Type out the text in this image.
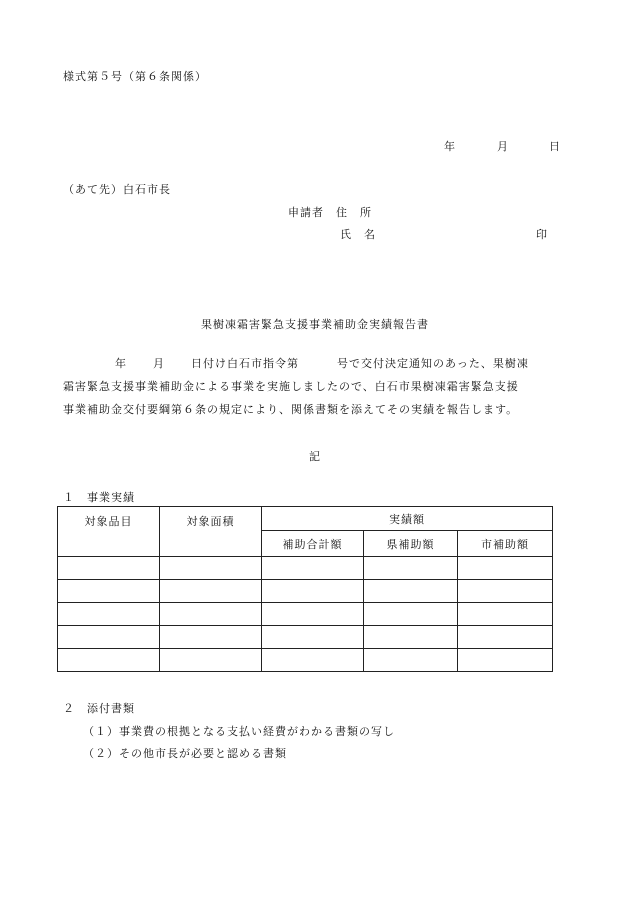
様式第５号（第６条関係）
年	月	日
（あて先）白石市長
申請者 住　所
氏　名	印
果樹凍霜害緊急支援事業補助金実績報告書
年 月 日付け白石市指令第	号で交付決定通知のあった、果樹凍
霜害緊急支援事業補助金による事業を実施しましたので、白石市果樹凍霜害緊急支援
事業補助金交付要綱第６条の規定により、関係書類を添えてその実績を報告します。
記
１　事業実績
対象品目	対象面積	実績額		
		補助合計額	県補助額	市補助額

２　添付書類
（１）事業費の根拠となる支払い経費がわかる書類の写し
（２）その他市長が必要と認める書類
